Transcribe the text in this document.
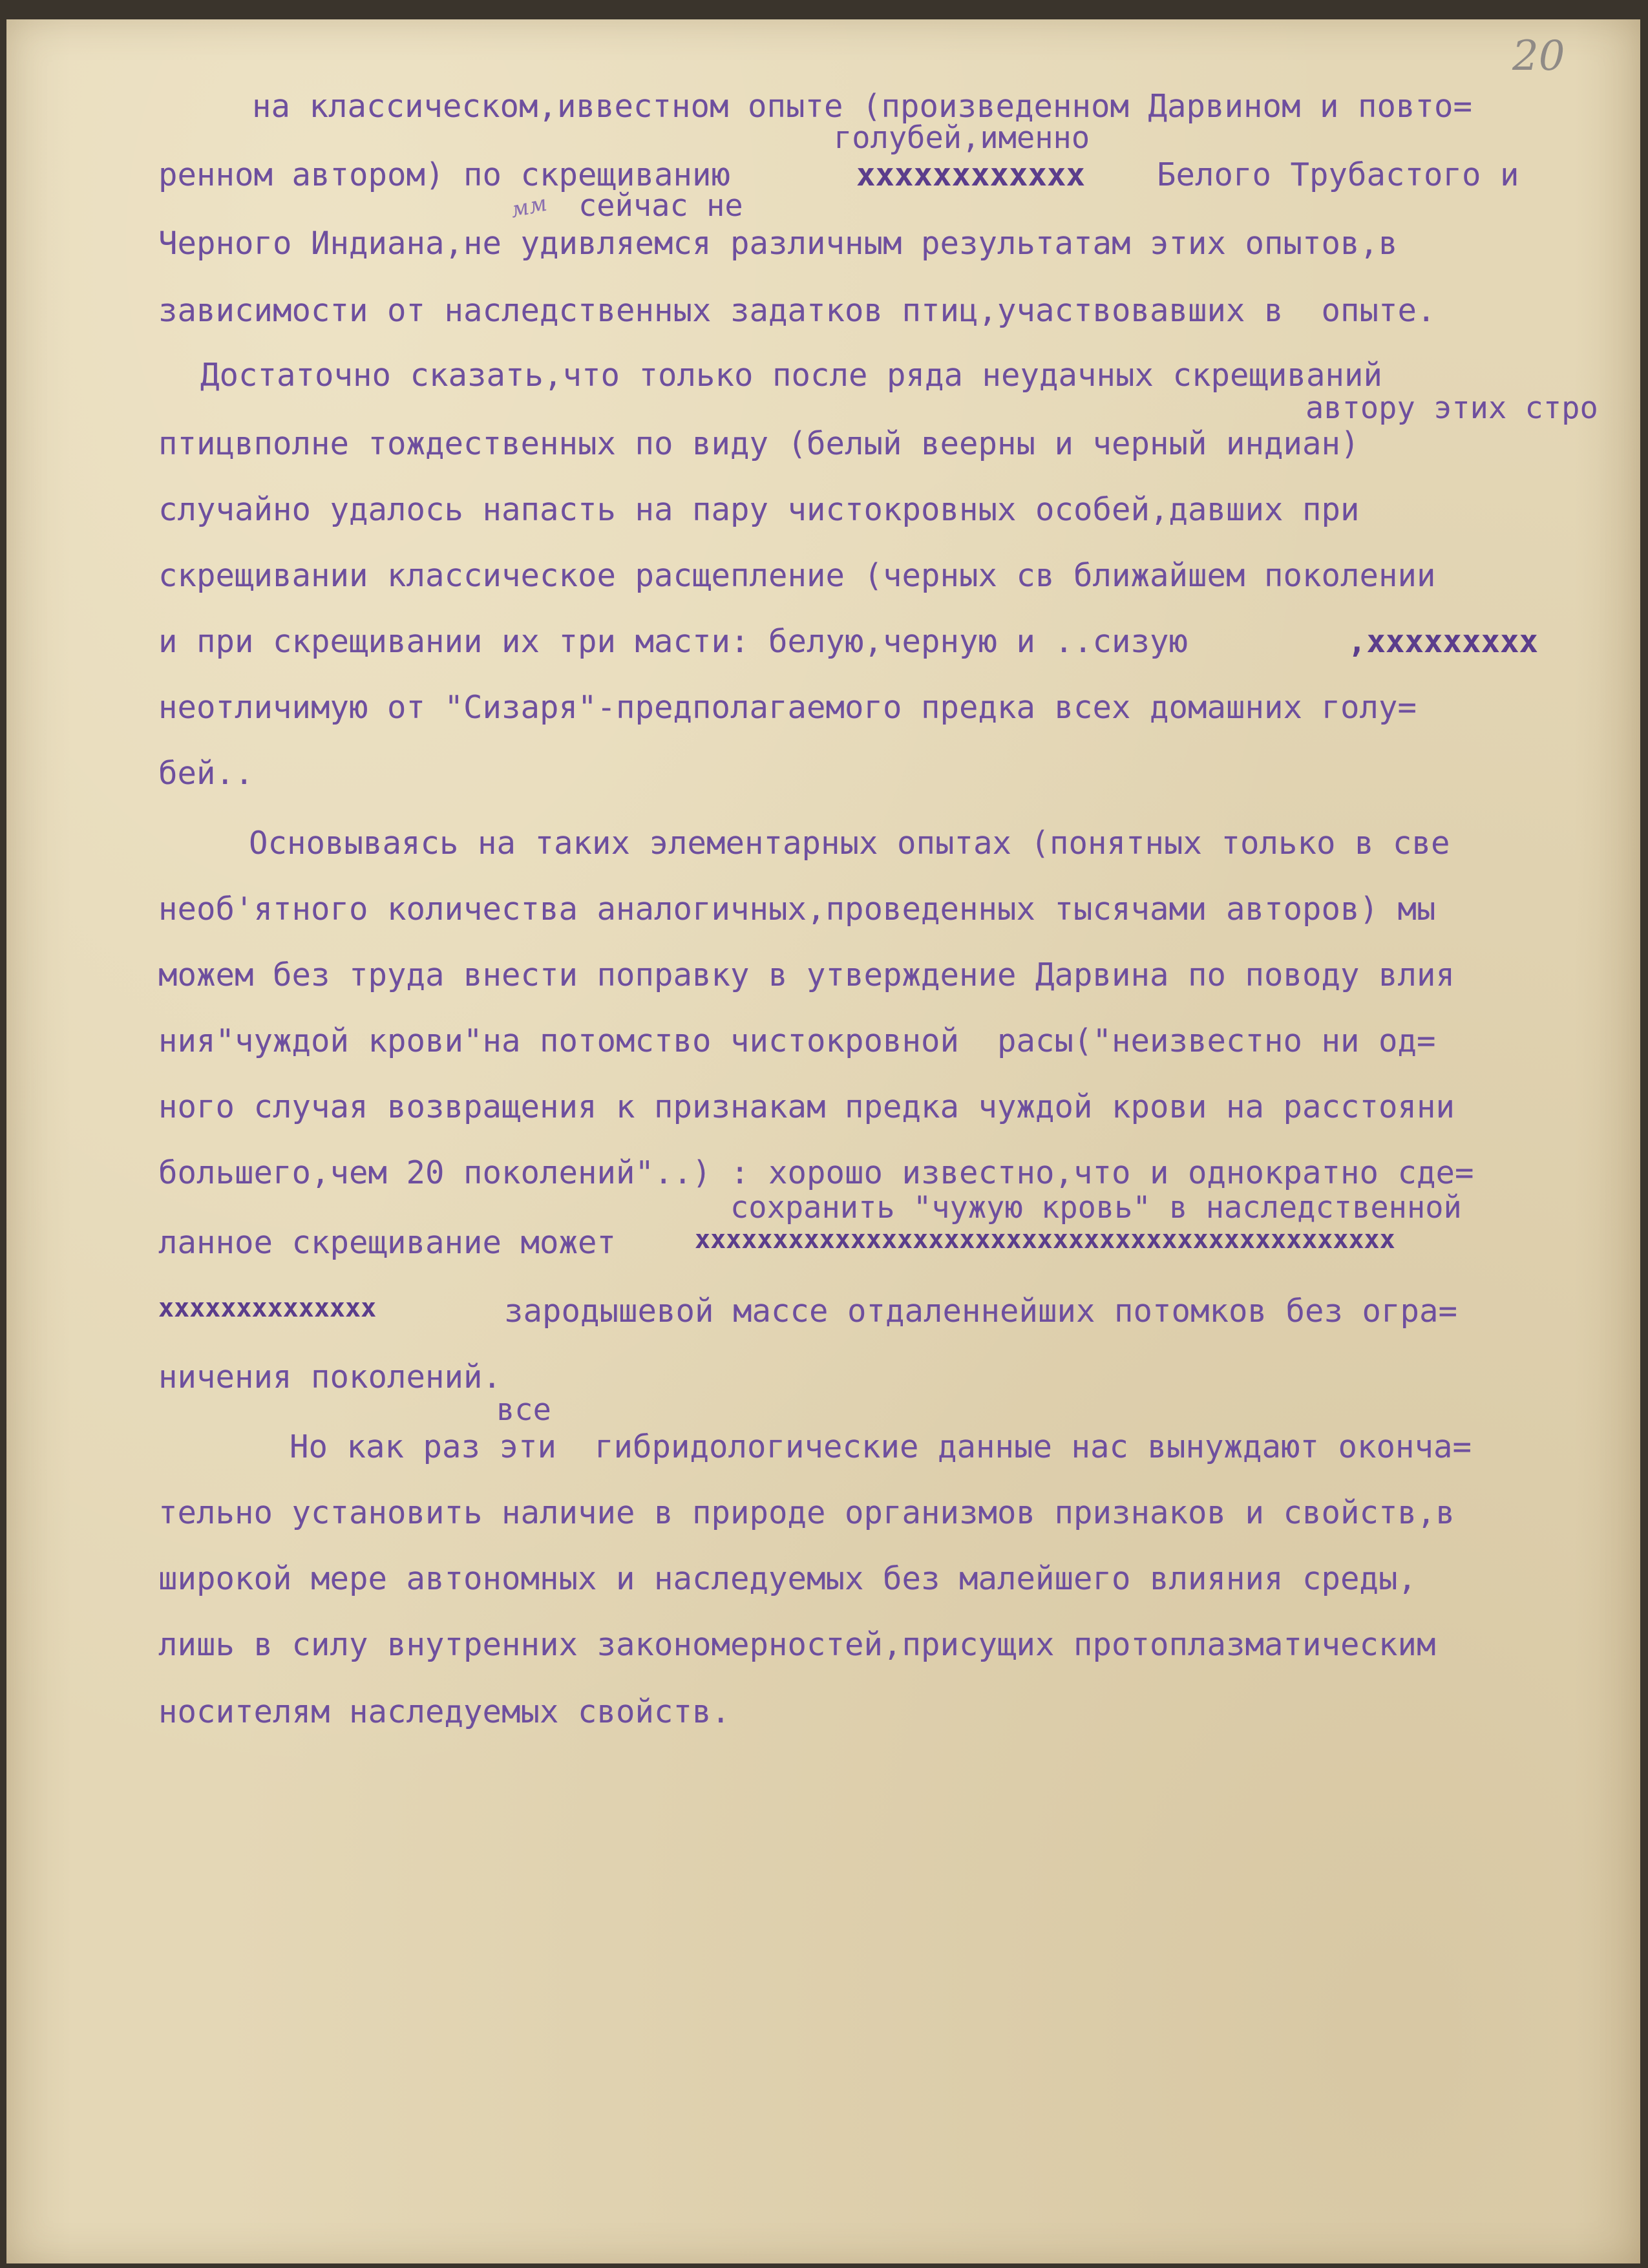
20
на классическом,иввестном опыте (произведенном Дарвином и повто=
голубей,именно
ренном автором) по скрещиванию	хххххххххххх Белого Трубастого и
мм сейчас не
Черного Индиана,не удивляемся различным результатам этих опытов,в
зависимости от наследственных задатков птиц,участвовавших в  опыте.
Достаточно сказать,что только после ряда неудачных скрещиваний
автору этих стро
птицвполне тождественных по виду (белый веерны и черный индиан)
случайно удалось напасть на пару чистокровных особей,давших при
скрещивании классическое расщепление (черных св ближайшем поколении
и при скрещивании их три масти: белую,черную и ..сизую	,ххххххххх
неотличимую от "Сизаря"-предполагаемого предка всех домашних голу=
бей..
Основываясь на таких элементарных опытах (понятных только в све
необ'ятного количества аналогичных,проведенных тысячами авторов) мы
можем без труда внести поправку в утверждение Дарвина по поводу влия
ния"чуждой крови"на потомство чистокровной  расы("неизвестно ни од=
ного случая возвращения к признакам предка чуждой крови на расстояни
большего,чем 20 поколений"..) : хорошо известно,что и однократно сде=
сохранить "чужую кровь" в наследственной
ланное скрещивание может	ххххххххххххххххххххххххххххххххххххххххххххх
хххххххххххххх	зародышевой массе отдаленнейших потомков без огра=
ничения поколений.
все
Но как раз эти  гибридологические данные нас вынуждают оконча=
тельно установить наличие в природе организмов признаков и свойств,в
широкой мере автономных и наследуемых без малейшего влияния среды,
лишь в силу внутренних закономерностей,присущих протоплазматическим
носителям наследуемых свойств.
